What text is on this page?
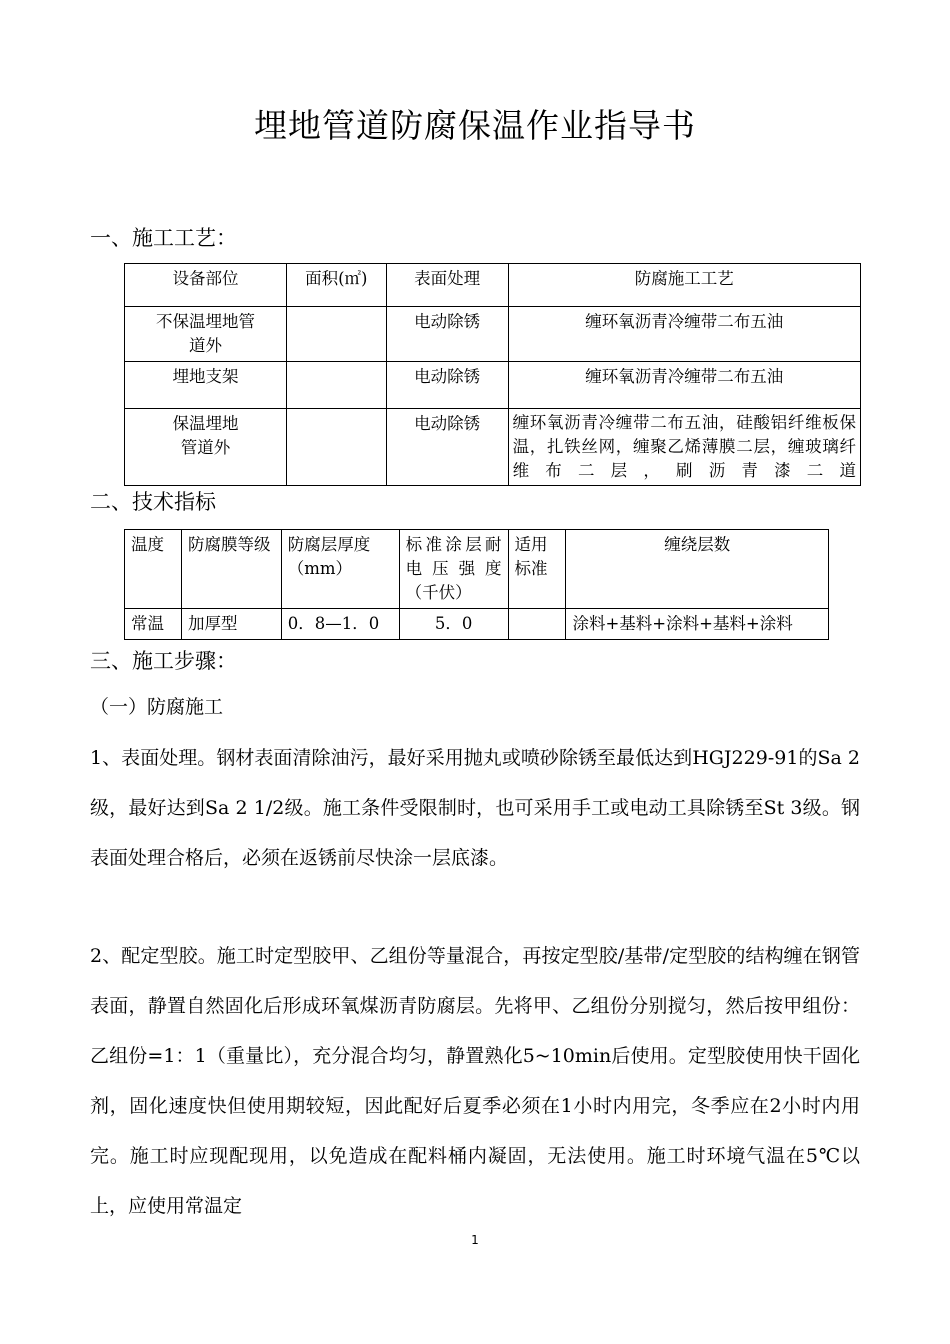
埋地管道防腐保温作业指导书
一、施工工艺：
设备部位	面积(㎡)	表面处理	防腐施工工艺
不保温埋地管道外		电动除锈	缠环氧沥青冷缠带二布五油
埋地支架		电动除锈	缠环氧沥青冷缠带二布五油
保温埋地管道外		电动除锈	缠环氧沥青冷缠带二布五油，硅酸铝纤维板保温，扎铁丝网，缠聚乙烯薄膜二层，缠玻璃纤维布二层，刷沥青漆二道
二、技术指标
温度	防腐膜等级	防腐层厚度（mm）	标准涂层耐电压强度（千伏）	适用标准	缠绕层数
常温	加厚型	0．8—1．0	5．0		涂料+基料+涂料+基料+涂料
三、施工步骤：
（一）防腐施工
1、表面处理。钢材表面清除油污，最好采用抛丸或喷砂除锈至最低达到HGJ229-91的Sa 2级，最好达到Sa 2 1/2级。施工条件受限制时，也可采用手工或电动工具除锈至St 3级。钢表面处理合格后，必须在返锈前尽快涂一层底漆。
2、配定型胶。施工时定型胶甲、乙组份等量混合，再按定型胶/基带/定型胶的结构缠在钢管表面，静置自然固化后形成环氧煤沥青防腐层。先将甲、乙组份分别搅匀，然后按甲组份：乙组份=1：1（重量比），充分混合均匀，静置熟化5~10min后使用。定型胶使用快干固化剂，固化速度快但使用期较短，因此配好后夏季必须在1小时内用完，冬季应在2小时内用完。施工时应现配现用，以免造成在配料桶内凝固，无法使用。施工时环境气温在5℃以上，应使用常温定
1
